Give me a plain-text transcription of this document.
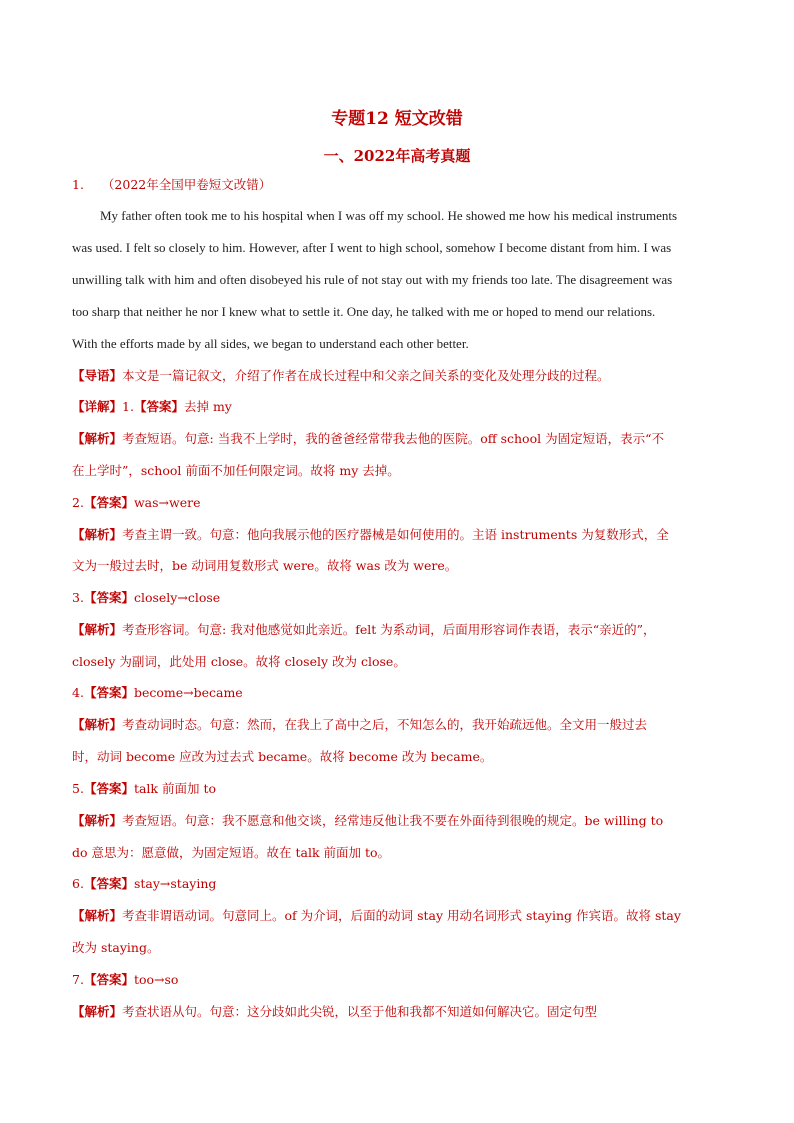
专题12 短文改错
一、2022年高考真题
1. （2022年全国甲卷短文改错）
My father often took me to his hospital when I was off my school. He showed me how his medical instruments
was used. I felt so closely to him. However, after I went to high school, somehow I become distant from him. I was
unwilling talk with him and often disobeyed his rule of not stay out with my friends too late. The disagreement was
too sharp that neither he nor I knew what to settle it. One day, he talked with me or hoped to mend our relations.
With the efforts made by all sides, we began to understand each other better.
【导语】本文是一篇记叙文，介绍了作者在成长过程中和父亲之间关系的变化及处理分歧的过程。
【详解】1.【答案】去掉 my
【解析】考查短语。句意: 当我不上学时，我的爸爸经常带我去他的医院。off school 为固定短语，表示“不
在上学时”，school 前面不加任何限定词。故将 my 去掉。
2.【答案】was→were
【解析】考查主谓一致。句意：他向我展示他的医疗器械是如何使用的。主语 instruments 为复数形式，全
文为一般过去时，be 动词用复数形式 were。故将 was 改为 were。
3.【答案】closely→close
【解析】考查形容词。句意: 我对他感觉如此亲近。felt 为系动词，后面用形容词作表语，表示“亲近的”，
closely 为副词，此处用 close。故将 closely 改为 close。
4.【答案】become→became
【解析】考查动词时态。句意：然而，在我上了高中之后，不知怎么的，我开始疏远他。全文用一般过去
时，动词 become 应改为过去式 became。故将 become 改为 became。
5.【答案】talk 前面加 to
【解析】考查短语。句意：我不愿意和他交谈，经常违反他让我不要在外面待到很晚的规定。be willing to
do 意思为：愿意做，为固定短语。故在 talk 前面加 to。
6.【答案】stay→staying
【解析】考查非谓语动词。句意同上。of 为介词，后面的动词 stay 用动名词形式 staying 作宾语。故将 stay
改为 staying。
7.【答案】too→so
【解析】考查状语从句。句意：这分歧如此尖锐，以至于他和我都不知道如何解决它。固定句型
